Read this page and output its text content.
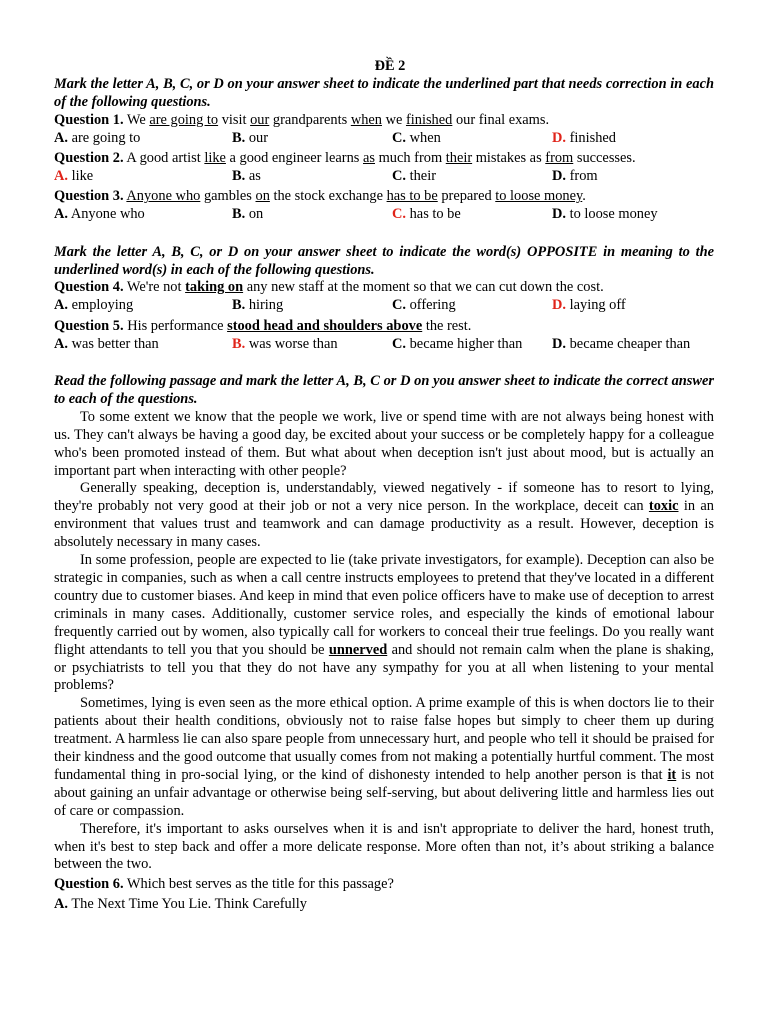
ĐỀ 2
Mark the letter A, B, C, or D on your answer sheet to indicate the underlined part that needs correction in each of the following questions.
Question 1. We are going to visit our grandparents when we finished our final exams.
A. are going to	B. our	C. when	D. finished
Question 2. A good artist like a good engineer learns as much from their mistakes as from successes.
A. like	B. as	C. their	D. from
Question 3. Anyone who gambles on the stock exchange has to be prepared to loose money.
A. Anyone who	B. on	C. has to be	D. to loose money
Mark the letter A, B, C, or D on your answer sheet to indicate the word(s) OPPOSITE in meaning to the underlined word(s) in each of the following questions.
Question 4. We're not taking on any new staff at the moment so that we can cut down the cost.
A. employing	B. hiring	C. offering	D. laying off
Question 5. His performance stood head and shoulders above the rest.
A. was better than	B. was worse than	C. became higher than D. became cheaper than
Read the following passage and mark the letter A, B, C or D on you answer sheet to indicate the correct answer to each of the questions.

To some extent we know that the people we work, live or spend time with are not always being honest with us. They can't always be having a good day, be excited about your success or be completely happy for a colleague who's been promoted instead of them. But what about when deception isn't just about mood, but is actually an important part when interacting with other people?

Generally speaking, deception is, understandably, viewed negatively - if someone has to resort to lying, they're probably not very good at their job or not a very nice person. In the workplace, deceit can toxic in an environment that values trust and teamwork and can damage productivity as a result. However, deception is absolutely necessary in many cases.

In some profession, people are expected to lie (take private investigators, for example). Deception can also be strategic in companies, such as when a call centre instructs employees to pretend that they've located in a different country due to customer biases. And keep in mind that even police officers have to make use of deception to arrest criminals in many cases. Additionally, customer service roles, and especially the kinds of emotional labour frequently carried out by women, also typically call for workers to conceal their true feelings. Do you really want flight attendants to tell you that you should be unnerved and should not remain calm when the plane is shaking, or psychiatrists to tell you that they do not have any sympathy for you at all when listening to your mental problems?

Sometimes, lying is even seen as the more ethical option. A prime example of this is when doctors lie to their patients about their health conditions, obviously not to raise false hopes but simply to cheer them up during treatment. A harmless lie can also spare people from unnecessary hurt, and people who tell it should be praised for their kindness and the good outcome that usually comes from not making a potentially hurtful comment. The most fundamental thing in pro-social lying, or the kind of dishonesty intended to help another person is that it is not about gaining an unfair advantage or otherwise being self-serving, but about delivering little and harmless lies out of care or compassion.

Therefore, it's important to asks ourselves when it is and isn't appropriate to deliver the hard, honest truth, when it's best to step back and offer a more delicate response. More often than not, it’s about striking a balance between the two.

Question 6. Which best serves as the title for this passage?
A. The Next Time You Lie. Think Carefully
